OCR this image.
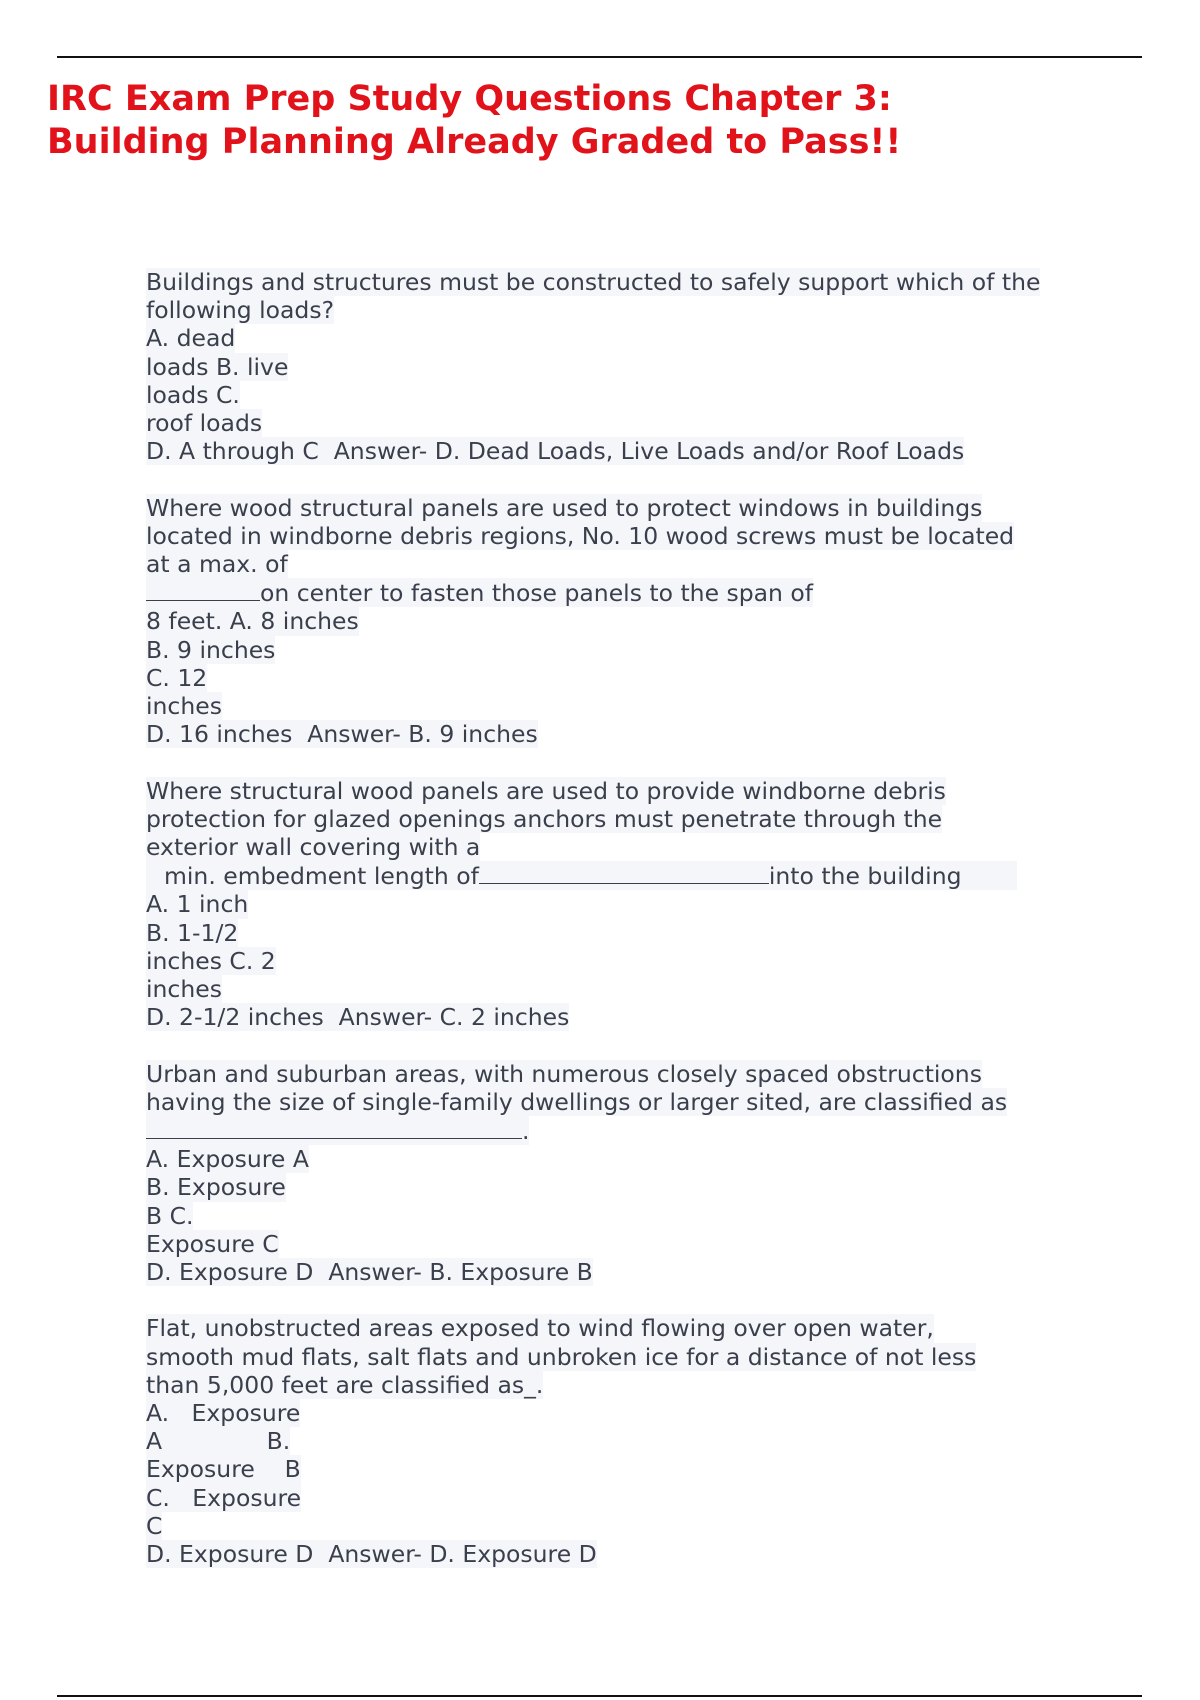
IRC Exam Prep Study Questions Chapter 3:
Building Planning Already Graded to Pass!!
Buildings and structures must be constructed to safely support which of the
following loads?
A. dead
loads B. live
loads C.
roof loads
D. A through C  Answer- D. Dead Loads, Live Loads and/or Roof Loads
Where wood structural panels are used to protect windows in buildings
located in windborne debris regions, No. 10 wood screws must be located
at a max. of
on center to fasten those panels to the span of
8 feet. A. 8 inches
B. 9 inches
C. 12
inches
D. 16 inches  Answer- B. 9 inches
Where structural wood panels are used to provide windborne debris
protection for glazed openings anchors must penetrate through the
exterior wall covering with a
min. embedment length of	into the building
A. 1 inch
B. 1-1/2
inches C. 2
inches
D. 2-1/2 inches  Answer- C. 2 inches
Urban and suburban areas, with numerous closely spaced obstructions
having the size of single-family dwellings or larger sited, are classified as
.
A. Exposure A
B. Exposure
B C.
Exposure C
D. Exposure D  Answer- B. Exposure B
Flat, unobstructed areas exposed to wind flowing over open water,
smooth mud flats, salt flats and unbroken ice for a distance of not less
than 5,000 feet are classified as_.
A.   Exposure
A              B.
Exposure    B
C.   Exposure
C
D. Exposure D  Answer- D. Exposure D
